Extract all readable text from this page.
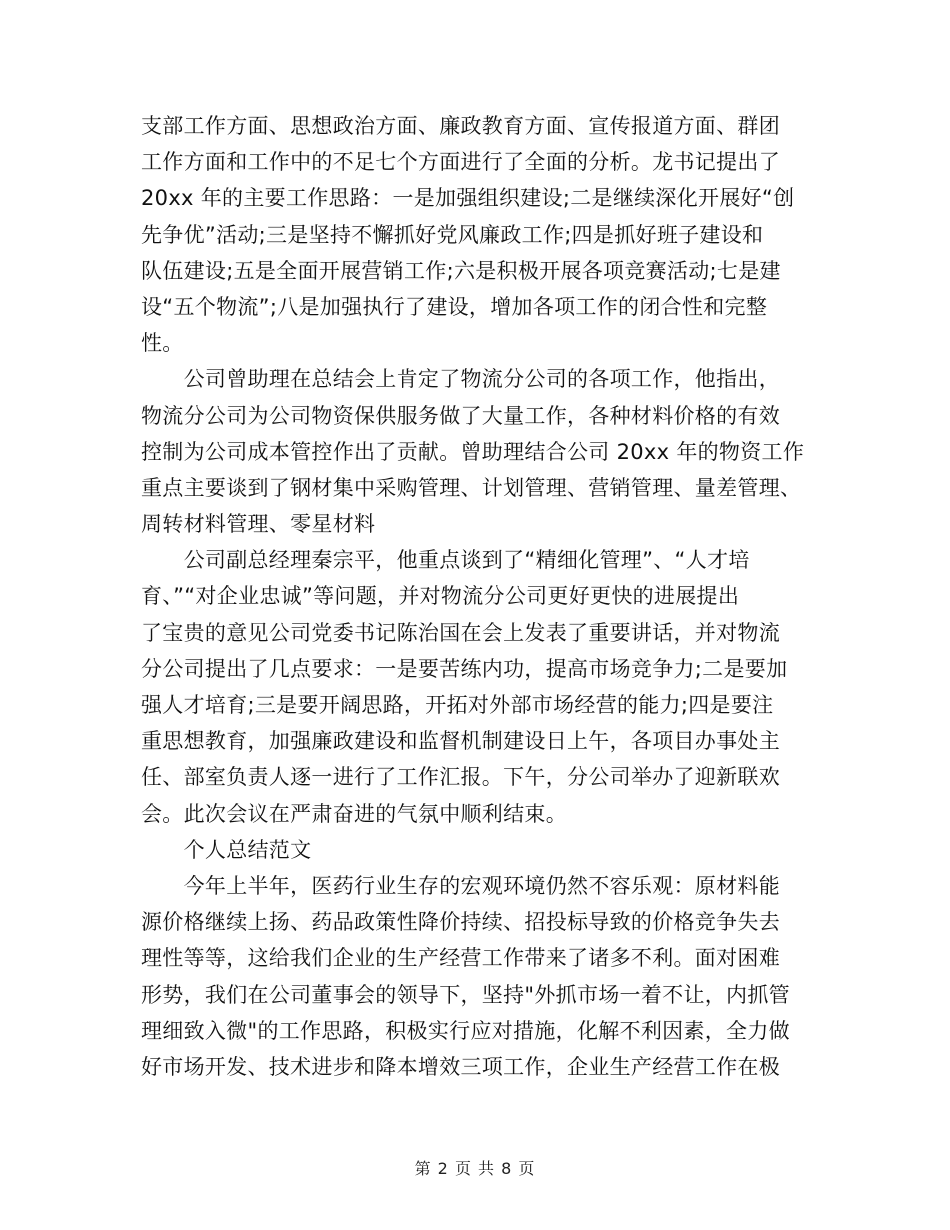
支部工作方面、思想政治方面、廉政教育方面、宣传报道方面、群团
工作方面和工作中的不足七个方面进行了全面的分析。龙书记提出了
20xx 年的主要工作思路：一是加强组织建设;二是继续深化开展好“创
先争优”活动;三是坚持不懈抓好党风廉政工作;四是抓好班子建设和
队伍建设;五是全面开展营销工作;六是积极开展各项竞赛活动;七是建
设“五个物流”;八是加强执行了建设，增加各项工作的闭合性和完整
性。
　　公司曾助理在总结会上肯定了物流分公司的各项工作，他指出，
物流分公司为公司物资保供服务做了大量工作，各种材料价格的有效
控制为公司成本管控作出了贡献。曾助理结合公司 20xx 年的物资工作
重点主要谈到了钢材集中采购管理、计划管理、营销管理、量差管理、
周转材料管理、零星材料
　　公司副总经理秦宗平，他重点谈到了“精细化管理”、“人才培
育、”“对企业忠诚”等问题，并对物流分公司更好更快的进展提出
了宝贵的意见公司党委书记陈治国在会上发表了重要讲话，并对物流
分公司提出了几点要求：一是要苦练内功，提高市场竞争力;二是要加
强人才培育;三是要开阔思路，开拓对外部市场经营的能力;四是要注
重思想教育，加强廉政建设和监督机制建设日上午，各项目办事处主
任、部室负责人逐一进行了工作汇报。下午，分公司举办了迎新联欢
会。此次会议在严肃奋进的气氛中顺利结束。
　　个人总结范文
　　今年上半年，医药行业生存的宏观环境仍然不容乐观：原材料能
源价格继续上扬、药品政策性降价持续、招投标导致的价格竞争失去
理性等等，这给我们企业的生产经营工作带来了诸多不利。面对困难
形势，我们在公司董事会的领导下，坚持"外抓市场一着不让，内抓管
理细致入微"的工作思路，积极实行应对措施，化解不利因素，全力做
好市场开发、技术进步和降本增效三项工作，企业生产经营工作在极
第 2 页 共 8 页
